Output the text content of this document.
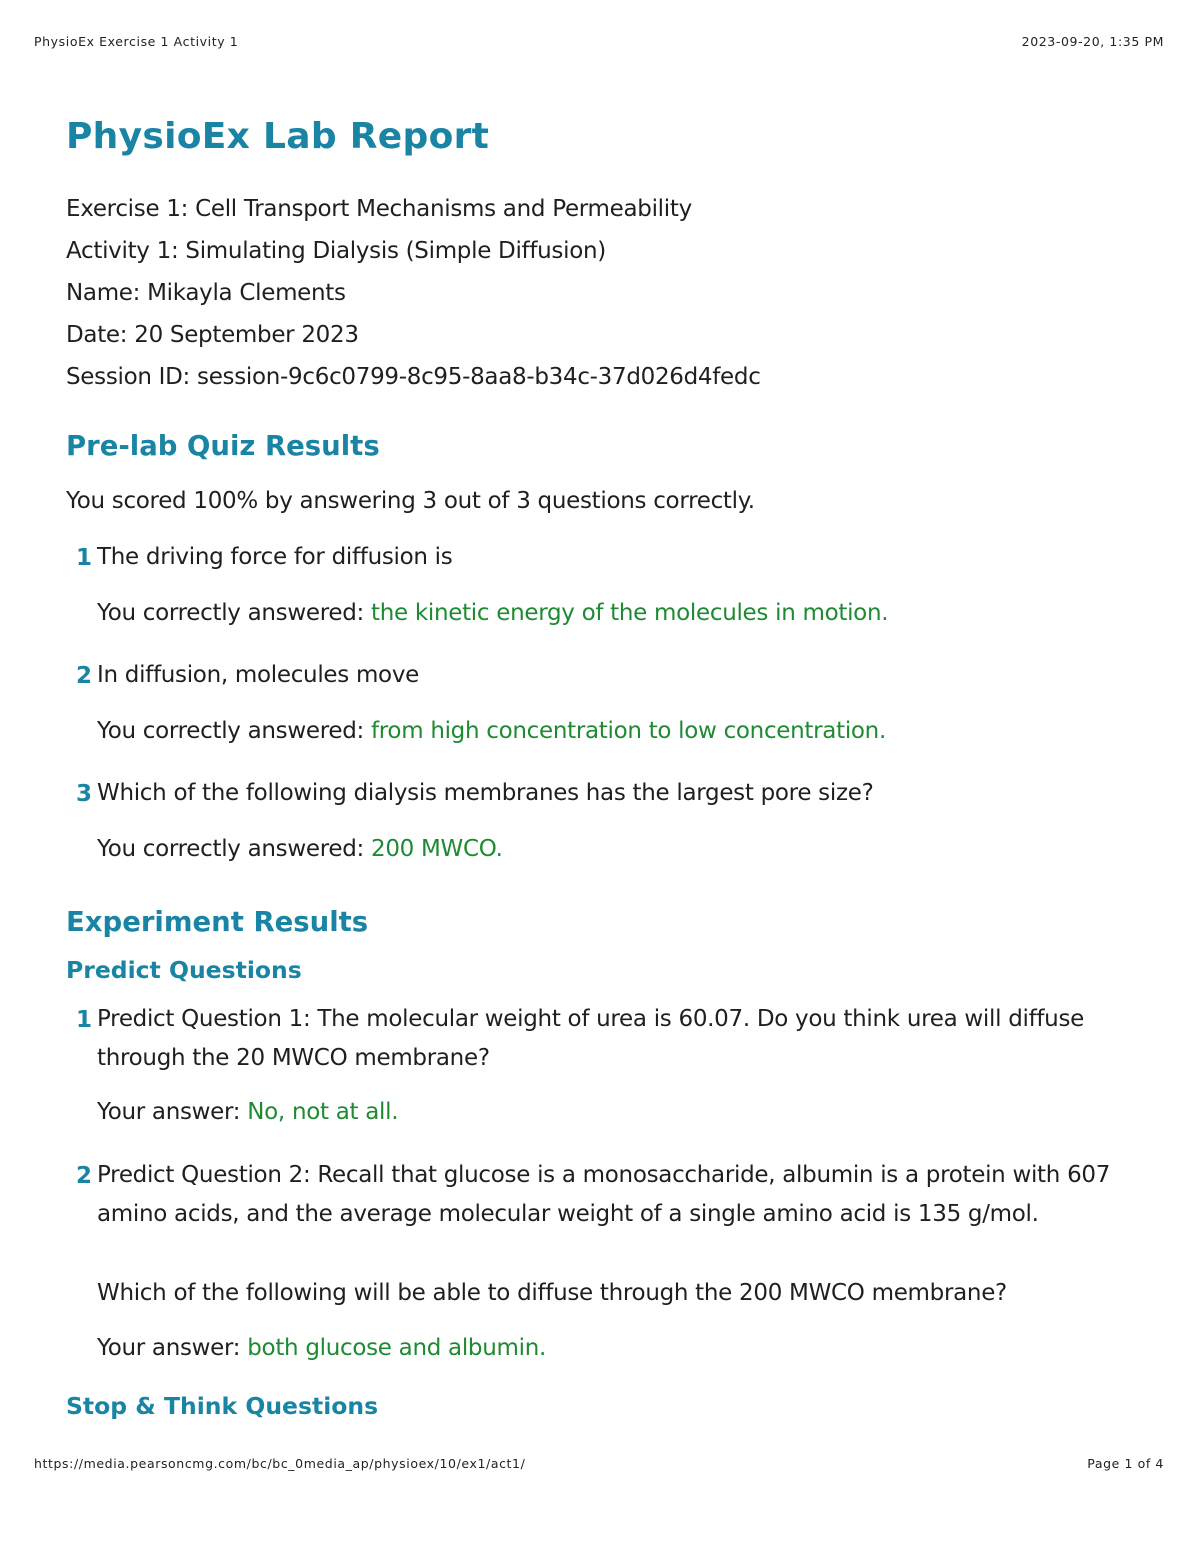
PhysioEx Exercise 1 Activity 1	2023-09-20, 1:35 PM
PhysioEx Lab Report

Exercise 1: Cell Transport Mechanisms and Permeability

Activity 1: Simulating Dialysis (Simple Diffusion)

Name: Mikayla Clements

Date: 20 September 2023

Session ID: session-9c6c0799-8c95-8aa8-b34c-37d026d4fedc

Pre-lab Quiz Results

You scored 100% by answering 3 out of 3 questions correctly.

1 The driving force for diffusion is

You correctly answered: the kinetic energy of the molecules in motion.

2 In diffusion, molecules move

You correctly answered: from high concentration to low concentration.

3 Which of the following dialysis membranes has the largest pore size?

You correctly answered: 200 MWCO.

Experiment Results
Predict Questions

1 Predict Question 1: The molecular weight of urea is 60.07. Do you think urea will diffuse through the 20 MWCO membrane?

Your answer: No, not at all.

2 Predict Question 2: Recall that glucose is a monosaccharide, albumin is a protein with 607 amino acids, and the average molecular weight of a single amino acid is 135 g/mol.

Which of the following will be able to diffuse through the 200 MWCO membrane?

Your answer: both glucose and albumin.

Stop & Think Questions
https://media.pearsoncmg.com/bc/bc_0media_ap/physioex/10/ex1/act1/	Page 1 of 4
